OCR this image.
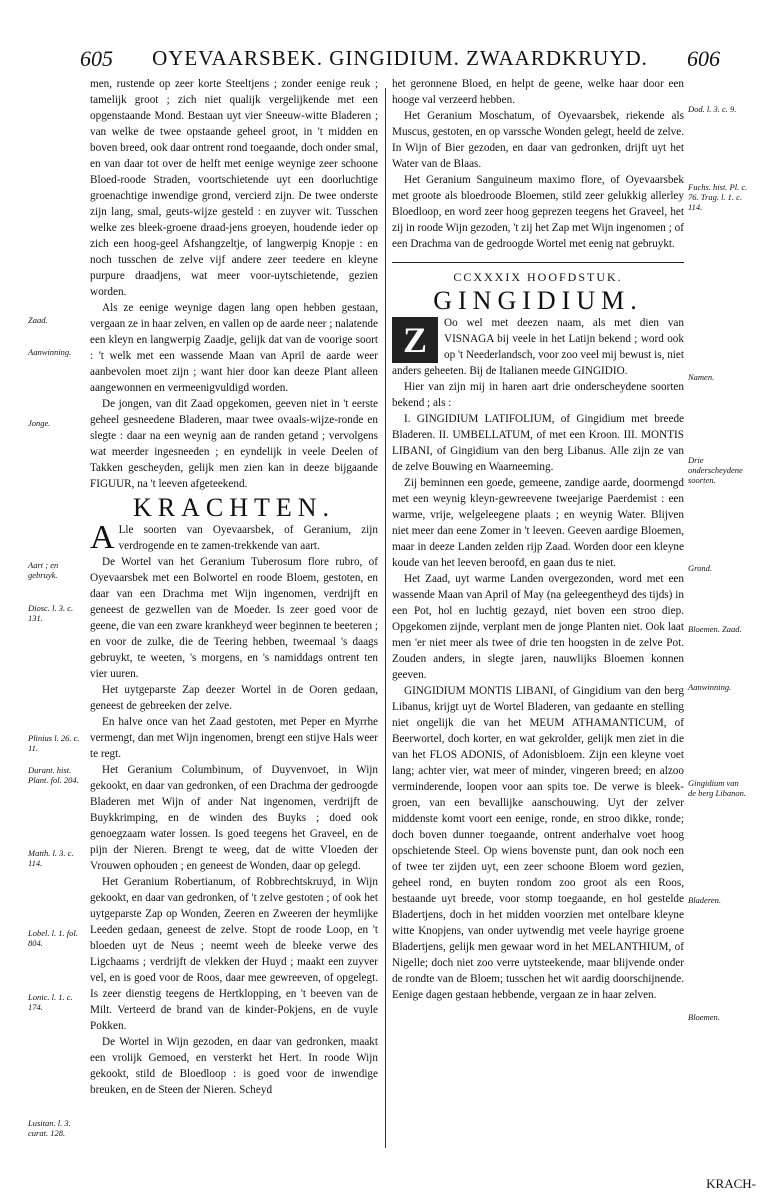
605	OYEVAARSBEK. GINGIDIUM. ZWAARDKRUYD.	606

men, rustende op zeer korte Steeltjens ; zonder eenige reuk ; tamelijk groot ; zich niet qualijk vergelijkende met een opgenstaande Mond. Bestaan uyt vier Sneeuw-witte Bladeren ; van welke de twee opstaande geheel groot, in 't midden en boven breed, ook daar ontrent rond toegaande, doch onder smal, en van daar tot over de helft met eenige weynige zeer schoone Bloed-roode Straden, voortschietende uyt een doorluchtige groenachtige inwendige grond, vercierd zijn. De twee onderste zijn lang, smal, geuts-wijze gesteld : en zuyver wit. Tusschen welke zes bleek-groene draad-jens groeyen, houdende ieder op zich een hoog-geel Afshangzeltje, of langwerpig Knopje : en noch tusschen de zelve vijf andere zeer teedere en kleyne purpure draadjens, wat meer voor-uytschietende, gezien worden.

Als ze eenige weynige dagen lang open hebben gestaan, vergaan ze in haar zelven, en vallen op de aarde neer ; nalatende een kleyn en langwerpig Zaadje, gelijk dat van de voorige soort : 't welk met een wassende Maan van April de aarde weer aanbevolen moet zijn ; want hier door kan deeze Plant alleen aangewonnen en vermeenigvuldigd worden.

De jongen, van dit Zaad opgekomen, geeven niet in 't eerste geheel gesneedene Bladeren, maar twee ovaals-wijze-ronde en slegte : daar na een weynig aan de randen getand ; vervolgens wat meerder ingesneeden ; en eyndelijk in veele Deelen of Takken gescheyden, gelijk men zien kan in deeze bijgaande FIGUUR, na 't leeven afgeteekend.

KRACHTEN.

A Lle soorten van Oyevaarsbek, of Geranium, zijn verdrogende en te zamen-trekkende van aart.

De Wortel van het Geranium Tuberosum flore rubro, of Oyevaarsbek met een Bolwortel en roode Bloem, gestoten, en daar van een Drachma met Wijn ingenomen, verdrijft en geneest de gezwellen van de Moeder. Is zeer goed voor de geene, die van een zware krankheyd weer beginnen te beeteren ; en voor de zulke, die de Teering hebben, tweemaal 's daags gebruykt, te weeten, 's morgens, en 's namiddags ontrent ten vier uuren.

Het uytgeparste Zap deezer Wortel in de Ooren gedaan, geneest de gebreeken der zelve.

En halve once van het Zaad gestoten, met Peper en Myrrhe vermengt, dan met Wijn ingenomen, brengt een stijve Hals weer te regt.

Het Geranium Columbinum, of Duyvenvoet, in Wijn gekookt, en daar van gedronken, of een Drachma der gedroogde Bladeren met Wijn of ander Nat ingenomen, verdrijft de Buykkrimping, en de winden des Buyks ; doed ook genoegzaam water lossen. Is goed teegens het Graveel, en de pijn der Nieren. Brengt te weeg, dat de witte Vloeden der Vrouwen ophouden ; en geneest de Wonden, daar op gelegd.

Het Geranium Robertianum, of Robbrechtskruyd, in Wijn gekookt, en daar van gedronken, of 't zelve gestoten ; of ook het uytgeparste Zap op Wonden, Zeeren en Zweeren der heymlijke Leeden gedaan, geneest de zelve. Stopt de roode Loop, en 't bloeden uyt de Neus ; neemt weeh de bleeke verwe des Ligchaams ; verdrijft de vlekken der Huyd ; maakt een zuyver vel, en is goed voor de Roos, daar mee gewreeven, of opgelegt. Is zeer dienstig teegens de Hertklopping, en 't beeven van de Milt. Verteerd de brand van de kinder-Pokjens, en de vuyle Pokken.

De Wortel in Wijn gezoden, en daar van gedronken, maakt een vrolijk Gemoed, en versterkt het Hert. In roode Wijn gekookt, stild de Bloedloop : is goed voor de inwendige breuken, en de Steen der Nieren. Scheyd

het geronnene Bloed, en helpt de geene, welke haar door een hooge val verzeerd hebben.

Het Geranium Moschatum, of Oyevaarsbek, riekende als Muscus, gestoten, en op varssche Wonden gelegt, heeld de zelve. In Wijn of Bier gezoden, en daar van gedronken, drijft uyt het Water van de Blaas.

Het Geranium Sanguineum maximo flore, of Oyevaarsbek met groote als bloedroode Bloemen, stild zeer gelukkig allerley Bloedloop, en word zeer hoog geprezen teegens het Graveel, het zij in roode Wijn gezoden, 't zij het Zap met Wijn ingenomen ; of een Drachma van de gedroogde Wortel met eenig nat gebruykt.

CCXXXIX HOOFDSTUK.
GINGIDIUM.

Z	Oo wel met deezen naam, als met dien van VISNAGA bij veele in het Latijn bekend ; word ook op 't Neederlandsch, voor zoo veel mij bewust is, niet anders geheeten. Bij de Italianen meede GINGIDIO.

Hier van zijn mij in haren aart drie onderscheydene soorten bekend ; als :

I. GINGIDIUM LATIFOLIUM, of Gingidium met breede Bladeren. II. UMBELLATUM, of met een Kroon. III. MONTIS LIBANI, of Gingidium van den berg Libanus. Alle zijn ze van de zelve Bouwing en Waarneeming.

Zij beminnen een goede, gemeene, zandige aarde, doormengd met een weynig kleyn-gewreevene tweejarige Paerdemist : een warme, vrije, welgeleegene plaats ; en weynig Water. Blijven niet meer dan eene Zomer in 't leeven. Geeven aardige Bloemen, maar in deeze Landen zelden rijp Zaad. Worden door een kleyne koude van het leeven beroofd, en gaan dus te niet.

Het Zaad, uyt warme Landen overgezonden, word met een wassende Maan van April of May (na geleegentheyd des tijds) in een Pot, hol en luchtig gezayd, niet boven een stroo diep. Opgekomen zijnde, verplant men de jonge Planten niet. Ook laat men 'er niet meer als twee of drie ten hoogsten in de zelve Pot. Zouden anders, in slegte jaren, nauwlijks Bloemen konnen geeven.

GINGIDIUM MONTIS LIBANI, of Gingidium van den berg Libanus, krijgt uyt de Wortel Bladeren, van gedaante en stelling niet ongelijk die van het MEUM ATHAMANTICUM, of Beerwortel, doch korter, en wat gekrolder, gelijk men ziet in die van het FLOS ADONIS, of Adonisbloem. Zijn een kleyne voet lang; achter vier, wat meer of minder, vingeren breed; en alzoo verminderende, loopen voor aan spits toe. De verwe is bleek-groen, van een bevallijke aanschouwing. Uyt der zelver middenste komt voort een eenige, ronde, en stroo dikke, ronde; doch boven dunner toegaande, ontrent anderhalve voet hoog opschietende Steel. Op wiens bovenste punt, dan ook noch een of twee ter zijden uyt, een zeer schoone Bloem word gezien, geheel rond, en buyten rondom zoo groot als een Roos, bestaande uyt breede, voor stomp toegaande, en hol gestelde Bladertjens, doch in het midden voorzien met ontelbare kleyne witte Knopjens, van onder uytwendig met veele hayrige groene Bladertjens, gelijk men gewaar word in het MELANTHIUM, of Nigelle; doch niet zoo verre uytsteekende, maar blijvende onder de rondte van de Bloem; tusschen het wit aardig doorschijnende. Eenige dagen gestaan hebbende, vergaan ze in haar zelven.

Zaad.
Aanwinning.
Jonge.
Aart ; en gebruyk.
Diosc. l. 3. c. 131.
Plinius l. 26. c. 11.
Durant. hist. Plant. fol. 204.
Matth. l. 3. c. 114.
Lobel. l. 1. fol. 804.
Lonic. l. 1. c. 174.
Lusitan. l. 3. curat. 128.
Dod. l. 3. c. 9.
Fuchs. hist. Pl. c. 76. Trag. l. 1. c. 114.
Namen.
Drie onderscheydene soorten.
Grond.
Bloemen. Zaad.
Aanwinning.
Gingidium van de berg Libanon.
Bladeren.
Bloemen.
KRACH-
